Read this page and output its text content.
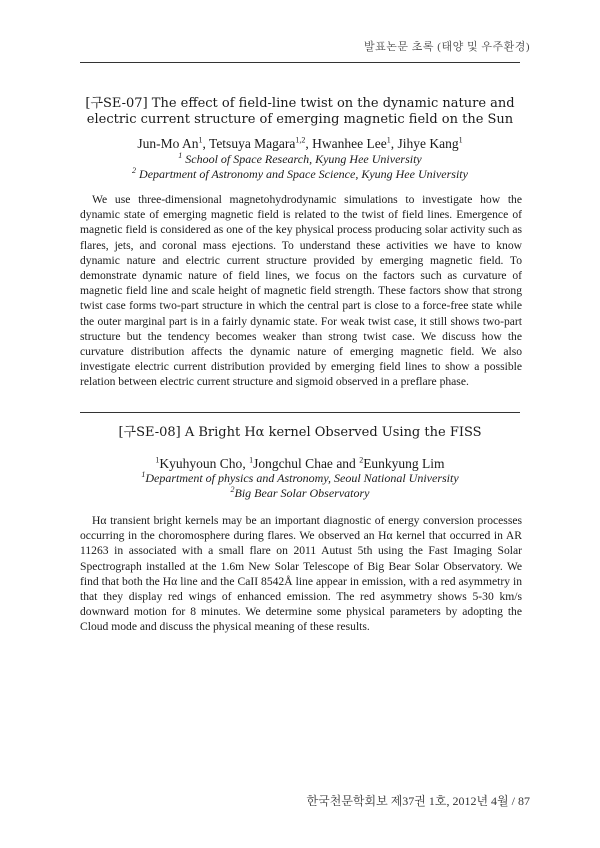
발표논문 초록 (태양 및 우주환경)
[구SE-07] The effect of field-line twist on the dynamic nature and
electric current structure of emerging magnetic field on the Sun
Jun-Mo An$^1$, Tetsuya Magara$^{1,2}$, Hwanhee Lee$^1$, Jihye Kang$^1$
$^1$ School of Space Research, Kyung Hee University
$^2$ Department of Astronomy and Space Science, Kyung Hee University
We use three-dimensional magnetohydrodynamic simulations to investigate how the dynamic state of emerging magnetic field is related to the twist of field lines. Emergence of magnetic field is considered as one of the key physical process producing solar activity such as flares, jets, and coronal mass ejections. To understand these activities we have to know dynamic nature and electric current structure provided by emerging magnetic field. To demonstrate dynamic nature of field lines, we focus on the factors such as curvature of magnetic field line and scale height of magnetic field strength. These factors show that strong twist case forms two-part structure in which the central part is close to a force-free state while the outer marginal part is in a fairly dynamic state. For weak twist case, it still shows two-part structure but the tendency becomes weaker than strong twist case. We discuss how the curvature distribution affects the dynamic nature of emerging magnetic field. We also investigate electric current distribution provided by emerging field lines to show a possible relation between electric current structure and sigmoid observed in a preflare phase.
[구SE-08] A Bright Hα kernel Observed Using the FISS
$^1$Kyuhyoun Cho, $^1$Jongchul Chae and $^2$Eunkyung Lim
$^1$Department of physics and Astronomy, Seoul National University
$^2$Big Bear Solar Observatory
Hα transient bright kernels may be an important diagnostic of energy conversion processes occurring in the choromosphere during flares. We observed an Hα kernel that occurred in AR 11263 in associated with a small flare on 2011 Autust 5th using the Fast Imaging Solar Spectrograph installed at the 1.6m New Solar Telescope of Big Bear Solar Observatory. We find that both the Hα line and the CaII 8542Å line appear in emission, with a red asymmetry in that they display red wings of enhanced emission. The red asymmetry shows 5-30 km/s downward motion for 8 minutes. We determine some physical parameters by adopting the Cloud mode and discuss the physical meaning of these results.
한국천문학회보 제37권 1호, 2012년 4월 / 87
